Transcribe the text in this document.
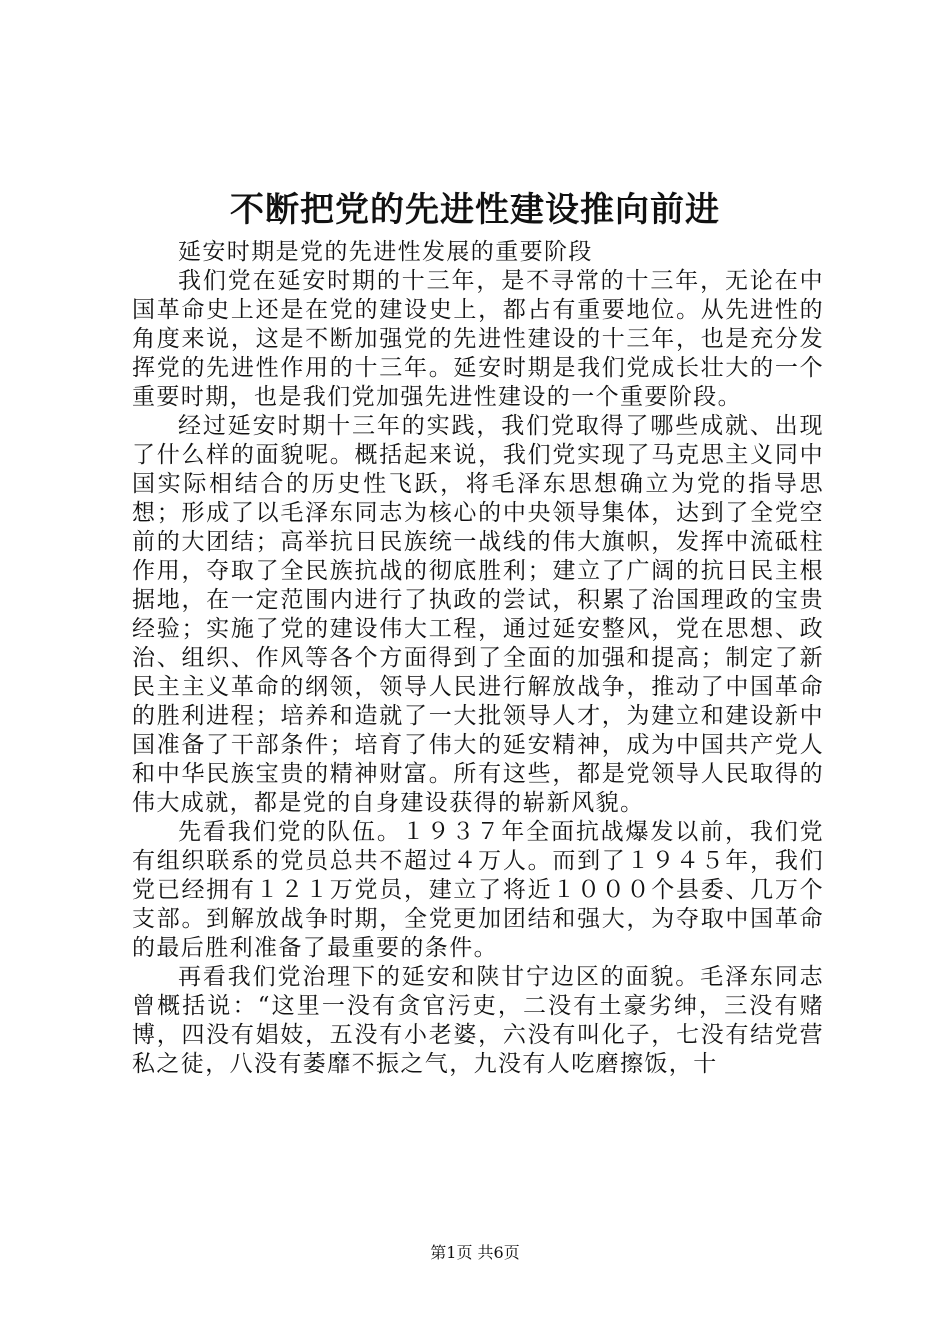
不断把党的先进性建设推向前进

延安时期是党的先进性发展的重要阶段

我们党在延安时期的十三年，是不寻常的十三年，无论在中国革命史上还是在党的建设史上，都占有重要地位。从先进性的角度来说，这是不断加强党的先进性建设的十三年，也是充分发挥党的先进性作用的十三年。延安时期是我们党成长壮大的一个重要时期，也是我们党加强先进性建设的一个重要阶段。

经过延安时期十三年的实践，我们党取得了哪些成就、出现了什么样的面貌呢。概括起来说，我们党实现了马克思主义同中国实际相结合的历史性飞跃，将毛泽东思想确立为党的指导思想；形成了以毛泽东同志为核心的中央领导集体，达到了全党空前的大团结；高举抗日民族统一战线的伟大旗帜，发挥中流砥柱作用，夺取了全民族抗战的彻底胜利；建立了广阔的抗日民主根据地，在一定范围内进行了执政的尝试，积累了治国理政的宝贵经验；实施了党的建设伟大工程，通过延安整风，党在思想、政治、组织、作风等各个方面得到了全面的加强和提高；制定了新民主主义革命的纲领，领导人民进行解放战争，推动了中国革命的胜利进程；培养和造就了一大批领导人才，为建立和建设新中国准备了干部条件；培育了伟大的延安精神，成为中国共产党人和中华民族宝贵的精神财富。所有这些，都是党领导人民取得的伟大成就，都是党的自身建设获得的崭新风貌。

先看我们党的队伍。１９３７年全面抗战爆发以前，我们党有组织联系的党员总共不超过４万人。而到了１９４５年，我们党已经拥有１２１万党员，建立了将近１０００个县委、几万个支部。到解放战争时期，全党更加团结和强大，为夺取中国革命的最后胜利准备了最重要的条件。

再看我们党治理下的延安和陕甘宁边区的面貌。毛泽东同志曾概括说：“这里一没有贪官污吏，二没有土豪劣绅，三没有赌博，四没有娼妓，五没有小老婆，六没有叫化子，七没有结党营私之徒，八没有萎靡不振之气，九没有人吃磨擦饭，十

第1页 共6页
